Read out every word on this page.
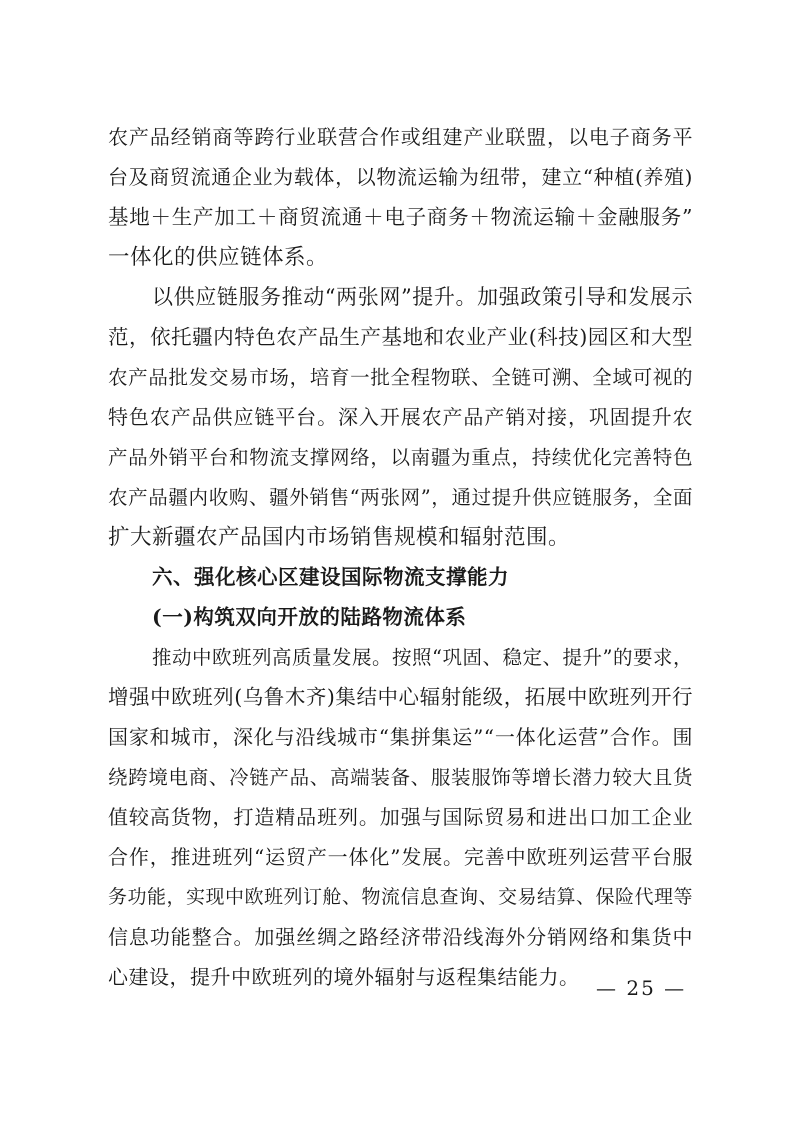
农产品经销商等跨行业联营合作或组建产业联盟，以电子商务平
台及商贸流通企业为载体，以物流运输为纽带，建立“种植(养殖)
基地＋生产加工＋商贸流通＋电子商务＋物流运输＋金融服务”
一体化的供应链体系。
以供应链服务推动“两张网”提升。加强政策引导和发展示
范，依托疆内特色农产品生产基地和农业产业(科技)园区和大型
农产品批发交易市场，培育一批全程物联、全链可溯、全域可视的
特色农产品供应链平台。深入开展农产品产销对接，巩固提升农
产品外销平台和物流支撑网络，以南疆为重点，持续优化完善特色
农产品疆内收购、疆外销售“两张网”，通过提升供应链服务，全面
扩大新疆农产品国内市场销售规模和辐射范围。
六、强化核心区建设国际物流支撑能力
(一)构筑双向开放的陆路物流体系
推动中欧班列高质量发展。按照“巩固、稳定、提升”的要求，
增强中欧班列(乌鲁木齐)集结中心辐射能级，拓展中欧班列开行
国家和城市，深化与沿线城市“集拼集运”“一体化运营”合作。围
绕跨境电商、冷链产品、高端装备、服装服饰等增长潜力较大且货
值较高货物，打造精品班列。加强与国际贸易和进出口加工企业
合作，推进班列“运贸产一体化”发展。完善中欧班列运营平台服
务功能，实现中欧班列订舱、物流信息查询、交易结算、保险代理等
信息功能整合。加强丝绸之路经济带沿线海外分销网络和集货中
心建设，提升中欧班列的境外辐射与返程集结能力。 — 25 —
